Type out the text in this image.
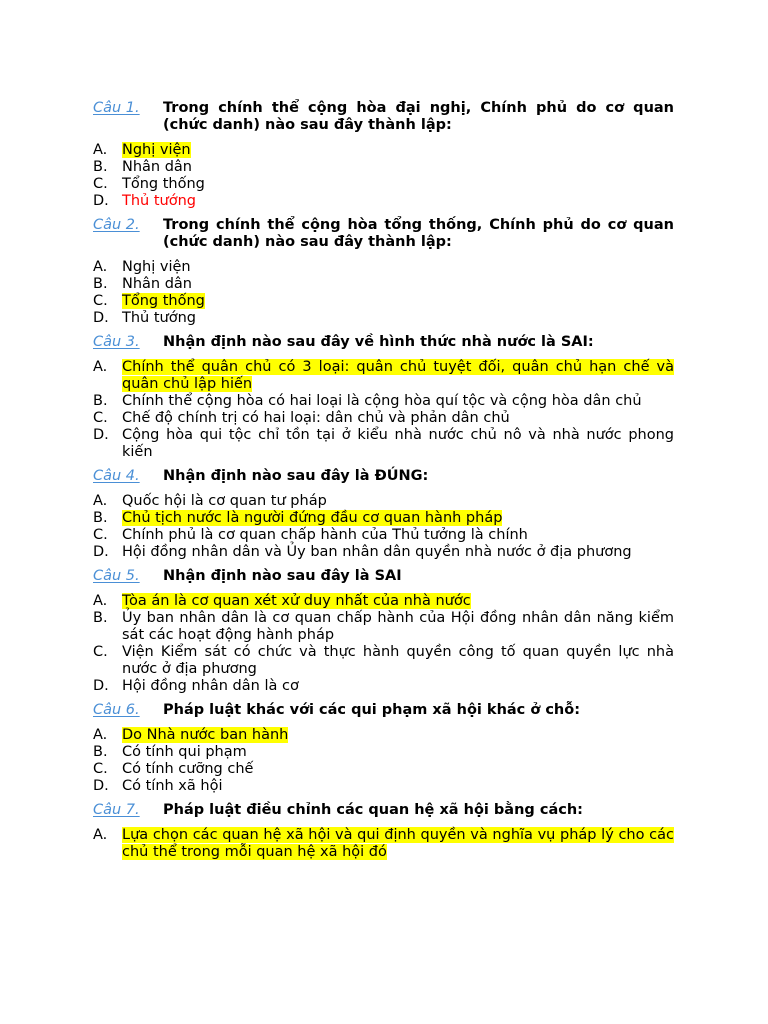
Câu 1.	Trong chính thể cộng hòa đại nghị, Chính phủ do cơ quan (chức danh) nào sau đây thành lập:
A.	Nghị viện
B. Nhân dân
C. Tổng thống
D. Thủ tướng
Câu 2.	Trong chính thể cộng hòa tổng thống, Chính phủ do cơ quan (chức danh) nào sau đây thành lập:
A.	Nghị viện
B. Nhân dân
C. Tổng thống
D. Thủ tướng
Câu 3.	Nhận định nào sau đây về hình thức nhà nước là SAI:
A.	Chính thể quân chủ có 3 loại: quân chủ tuyệt đối, quân chủ hạn chế và quân chủ lập hiến
B. Chính thể cộng hòa có hai loại là cộng hòa quí tộc và cộng hòa dân chủ
C. Chế độ chính trị có hai loại: dân chủ và phản dân chủ
D. Cộng hòa qui tộc chỉ tồn tại ở kiểu nhà nước chủ nô và nhà nước phong kiến
Câu 4.	Nhận định nào sau đây là ĐÚNG:
A.	Quốc hội là cơ quan tư pháp
B. Chủ tịch nước là người đứng đầu cơ quan hành pháp
C. Chính phủ là cơ quan chấp hành của Thủ tưởng là chính
D. Hội đồng nhân dân và Ủy ban nhân dân quyền nhà nước ở địa phương
Câu 5.	Nhận định nào sau đây là SAI
A.	Tòa án là cơ quan xét xử duy nhất của nhà nước
B. Ủy ban nhân dân là cơ quan chấp hành của Hội đồng nhân dân năng kiểm sát các hoạt động hành pháp
C. Viện Kiểm sát có chức và thực hành quyền công tố quan quyền lực nhà nước ở địa phương
D. Hội đồng nhân dân là cơ
Câu 6.	Pháp luật khác với các qui phạm xã hội khác ở chỗ:
A.	Do Nhà nước ban hành
B. Có tính qui phạm
C. Có tính cưỡng chế
D. Có tính xã hội
Câu 7.	Pháp luật điều chỉnh các quan hệ xã hội bằng cách:
A.	Lựa chọn các quan hệ xã hội và qui định quyền và nghĩa vụ pháp lý cho các chủ thể trong mỗi quan hệ xã hội đó
